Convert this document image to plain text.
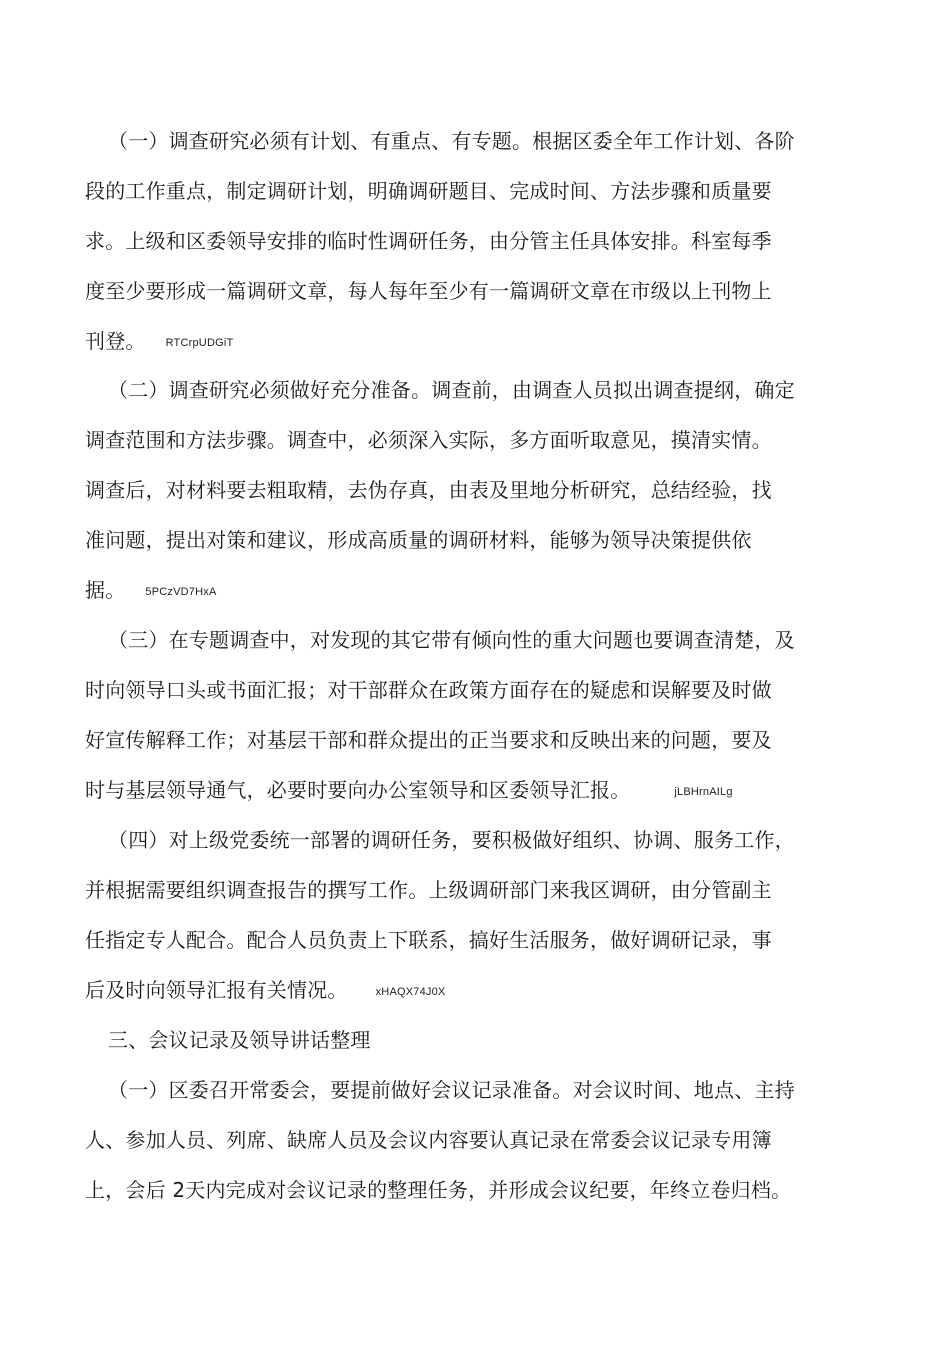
（一）调查研究必须有计划、有重点、有专题。根据区委全年工作计划、各阶
段的工作重点，制定调研计划，明确调研题目、完成时间、方法步骤和质量要
求。上级和区委领导安排的临时性调研任务，由分管主任具体安排。科室每季
度至少要形成一篇调研文章，每人每年至少有一篇调研文章在市级以上刊物上
刊登。 RTCrpUDGiT
（二）调查研究必须做好充分准备。调查前，由调查人员拟出调查提纲，确定
调查范围和方法步骤。调查中，必须深入实际，多方面听取意见，摸清实情。
调查后，对材料要去粗取精，去伪存真，由表及里地分析研究，总结经验，找
准问题，提出对策和建议，形成高质量的调研材料，能够为领导决策提供依
据。 5PCzVD7HxA
（三）在专题调查中，对发现的其它带有倾向性的重大问题也要调查清楚，及
时向领导口头或书面汇报；对干部群众在政策方面存在的疑虑和误解要及时做
好宣传解释工作；对基层干部和群众提出的正当要求和反映出来的问题，要及
时与基层领导通气，必要时要向办公室领导和区委领导汇报。	jLBHrnAILg
（四）对上级党委统一部署的调研任务，要积极做好组织、协调、服务工作，
并根据需要组织调查报告的撰写工作。上级调研部门来我区调研，由分管副主
任指定专人配合。配合人员负责上下联系，搞好生活服务，做好调研记录，事
后及时向领导汇报有关情况。	xHAQX74J0X
三、会议记录及领导讲话整理
（一）区委召开常委会，要提前做好会议记录准备。对会议时间、地点、主持
人、参加人员、列席、缺席人员及会议内容要认真记录在常委会议记录专用簿
上，会后 2天内完成对会议记录的整理任务，并形成会议纪要，年终立卷归档。
